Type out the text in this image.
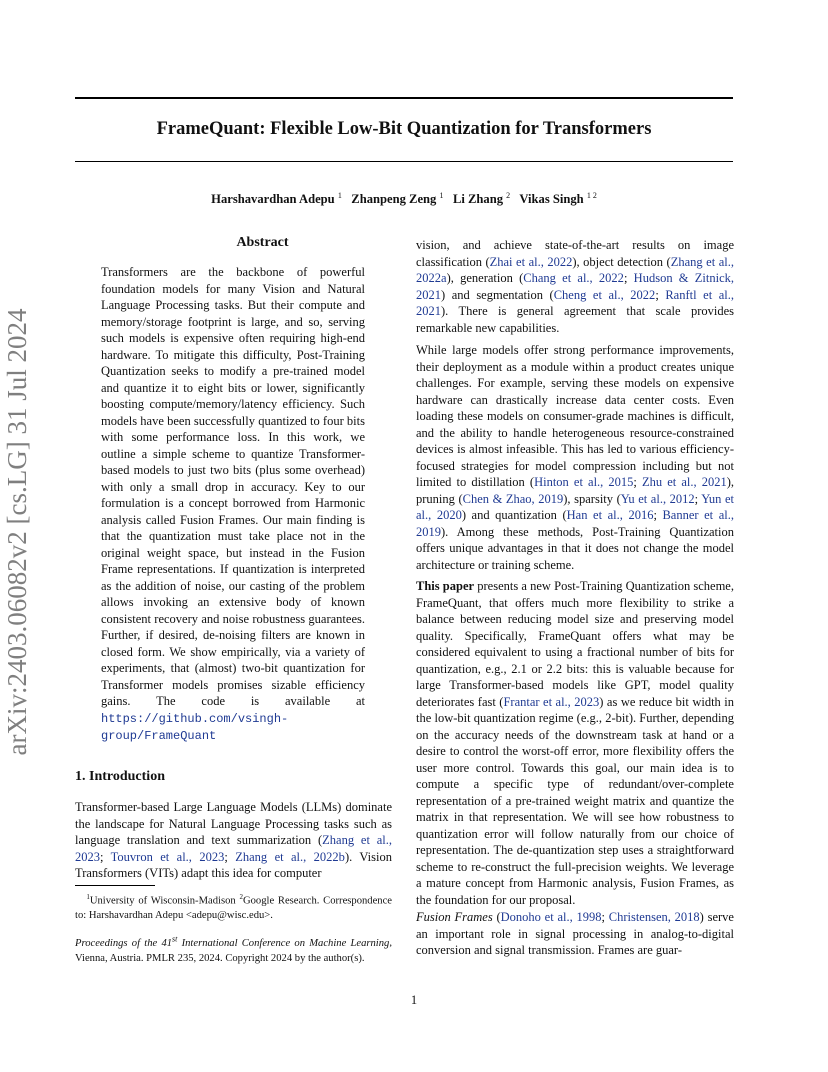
arXiv:2403.06082v2 [cs.LG] 31 Jul 2024
FrameQuant: Flexible Low-Bit Quantization for Transformers
Harshavardhan Adepu $^1$ Zhanpeng Zeng $^1$ Li Zhang $^2$ Vikas Singh $^{1 2}$
Abstract
Transformers are the backbone of powerful foundation models for many Vision and Natural Language Processing tasks. But their compute and memory/storage footprint is large, and so, serving such models is expensive often requiring high-end hardware. To mitigate this difficulty, Post-Training Quantization seeks to modify a pre-trained model and quantize it to eight bits or lower, significantly boosting compute/memory/latency efficiency. Such models have been successfully quantized to four bits with some performance loss. In this work, we outline a simple scheme to quantize Transformer-based models to just two bits (plus some overhead) with only a small drop in accuracy. Key to our formulation is a concept borrowed from Harmonic analysis called Fusion Frames. Our main finding is that the quantization must take place not in the original weight space, but instead in the Fusion Frame representations. If quantization is interpreted as the addition of noise, our casting of the problem allows invoking an extensive body of known consistent recovery and noise robustness guarantees. Further, if desired, de-noising filters are known in closed form. We show empirically, via a variety of experiments, that (almost) two-bit quantization for Transformer models promises sizable efficiency gains. The code is available at https://github.com/vsingh-group/FrameQuant
1. Introduction
Transformer-based Large Language Models (LLMs) dominate the landscape for Natural Language Processing tasks such as language translation and text summarization (Zhang et al., 2023; Touvron et al., 2023; Zhang et al., 2022b). Vision Transformers (VITs) adapt this idea for computer
$^1$University of Wisconsin-Madison $^2$Google Research. Correspondence to: Harshavardhan Adepu <adepu@wisc.edu>.
Proceedings of the 41st International Conference on Machine Learning, Vienna, Austria. PMLR 235, 2024. Copyright 2024 by the author(s).
vision, and achieve state-of-the-art results on image classification (Zhai et al., 2022), object detection (Zhang et al., 2022a), generation (Chang et al., 2022; Hudson & Zitnick, 2021) and segmentation (Cheng et al., 2022; Ranftl et al., 2021). There is general agreement that scale provides remarkable new capabilities.
While large models offer strong performance improvements, their deployment as a module within a product creates unique challenges. For example, serving these models on expensive hardware can drastically increase data center costs. Even loading these models on consumer-grade machines is difficult, and the ability to handle heterogeneous resource-constrained devices is almost infeasible. This has led to various efficiency-focused strategies for model compression including but not limited to distillation (Hinton et al., 2015; Zhu et al., 2021), pruning (Chen & Zhao, 2019), sparsity (Yu et al., 2012; Yun et al., 2020) and quantization (Han et al., 2016; Banner et al., 2019). Among these methods, Post-Training Quantization offers unique advantages in that it does not change the model architecture or training scheme.
This paper presents a new Post-Training Quantization scheme, FrameQuant, that offers much more flexibility to strike a balance between reducing model size and preserving model quality. Specifically, FrameQuant offers what may be considered equivalent to using a fractional number of bits for quantization, e.g., 2.1 or 2.2 bits: this is valuable because for large Transformer-based models like GPT, model quality deteriorates fast (Frantar et al., 2023) as we reduce bit width in the low-bit quantization regime (e.g., 2-bit). Further, depending on the accuracy needs of the downstream task at hand or a desire to control the worst-off error, more flexibility offers the user more control. Towards this goal, our main idea is to compute a specific type of redundant/over-complete representation of a pre-trained weight matrix and quantize the matrix in that representation. We will see how robustness to quantization error will follow naturally from our choice of representation. The de-quantization step uses a straightforward scheme to re-construct the full-precision weights. We leverage a mature concept from Harmonic analysis, Fusion Frames, as the foundation for our proposal.
Fusion Frames (Donoho et al., 1998; Christensen, 2018) serve an important role in signal processing in analog-to-digital conversion and signal transmission. Frames are guar-
1
